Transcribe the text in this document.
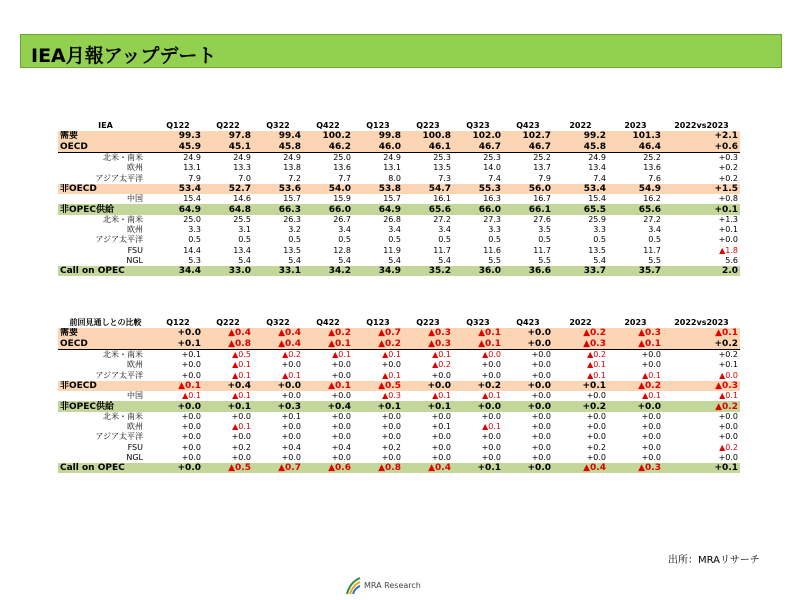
IEA月報アップデート
IEA	Q122	Q222	Q322	Q422	Q123	Q223	Q323	Q423	2022	2023	2022vs2023
需要	99.3	97.8	99.4	100.2	99.8	100.8	102.0	102.7	99.2	101.3	+2.1
OECD	45.9	45.1	45.8	46.2	46.0	46.1	46.7	46.7	45.8	46.4	+0.6
北米・南米	24.9	24.9	24.9	25.0	24.9	25.3	25.3	25.2	24.9	25.2	+0.3
欧州	13.1	13.3	13.8	13.6	13.1	13.5	14.0	13.7	13.4	13.6	+0.2
アジア太平洋	7.9	7.0	7.2	7.7	8.0	7.3	7.4	7.9	7.4	7.6	+0.2
非OECD	53.4	52.7	53.6	54.0	53.8	54.7	55.3	56.0	53.4	54.9	+1.5
中国	15.4	14.6	15.7	15.9	15.7	16.1	16.3	16.7	15.4	16.2	+0.8
非OPEC供給	64.9	64.8	66.3	66.0	64.9	65.6	66.0	66.1	65.5	65.6	+0.1
北米・南米	25.0	25.5	26.3	26.7	26.8	27.2	27.3	27.6	25.9	27.2	+1.3
欧州	3.3	3.1	3.2	3.4	3.4	3.4	3.3	3.5	3.3	3.4	+0.1
アジア太平洋	0.5	0.5	0.5	0.5	0.5	0.5	0.5	0.5	0.5	0.5	+0.0
FSU	14.4	13.4	13.5	12.8	11.9	11.7	11.6	11.7	13.5	11.7	▲1.8
NGL	5.3	5.4	5.4	5.4	5.4	5.4	5.5	5.5	5.4	5.5	5.6
Call on OPEC	34.4	33.0	33.1	34.2	34.9	35.2	36.0	36.6	33.7	35.7	2.0
前回見通しとの比較	Q122	Q222	Q322	Q422	Q123	Q223	Q323	Q423	2022	2023	2022vs2023
需要	+0.0	▲0.4	▲0.4	▲0.2	▲0.7	▲0.3	▲0.1	+0.0	▲0.2	▲0.3	▲0.1
OECD	+0.1	▲0.8	▲0.4	▲0.1	▲0.2	▲0.3	▲0.1	+0.0	▲0.3	▲0.1	+0.2
北米・南米	+0.1	▲0.5	▲0.2	▲0.1	▲0.1	▲0.1	▲0.0	+0.0	▲0.2	+0.0	+0.2
欧州	+0.0	▲0.1	+0.0	+0.0	+0.0	▲0.2	+0.0	+0.0	▲0.1	+0.0	+0.1
アジア太平洋	+0.0	▲0.1	▲0.1	+0.0	▲0.1	+0.0	+0.0	+0.0	▲0.1	▲0.1	▲0.0
非OECD	▲0.1	+0.4	+0.0	▲0.1	▲0.5	+0.0	+0.2	+0.0	+0.1	▲0.2	▲0.3
中国	▲0.1	▲0.1	+0.0	+0.0	▲0.3	▲0.1	▲0.1	+0.0	+0.0	▲0.1	▲0.1
非OPEC供給	+0.0	+0.1	+0.3	+0.4	+0.1	+0.1	+0.0	+0.0	+0.2	+0.0	▲0.2
北米・南米	+0.0	+0.0	+0.1	+0.0	+0.0	+0.0	+0.0	+0.0	+0.0	+0.0	+0.0
欧州	+0.0	▲0.1	+0.0	+0.0	+0.0	+0.1	▲0.1	+0.0	+0.0	+0.0	+0.0
アジア太平洋	+0.0	+0.0	+0.0	+0.0	+0.0	+0.0	+0.0	+0.0	+0.0	+0.0	+0.0
FSU	+0.0	+0.2	+0.4	+0.4	+0.2	+0.0	+0.0	+0.0	+0.2	+0.0	▲0.2
NGL	+0.0	+0.0	+0.0	+0.0	+0.0	+0.0	+0.0	+0.0	+0.0	+0.0	+0.0
Call on OPEC	+0.0	▲0.5	▲0.7	▲0.6	▲0.8	▲0.4	+0.1	+0.0	▲0.4	▲0.3	+0.1
出所：MRAリサーチ
MRA Research
